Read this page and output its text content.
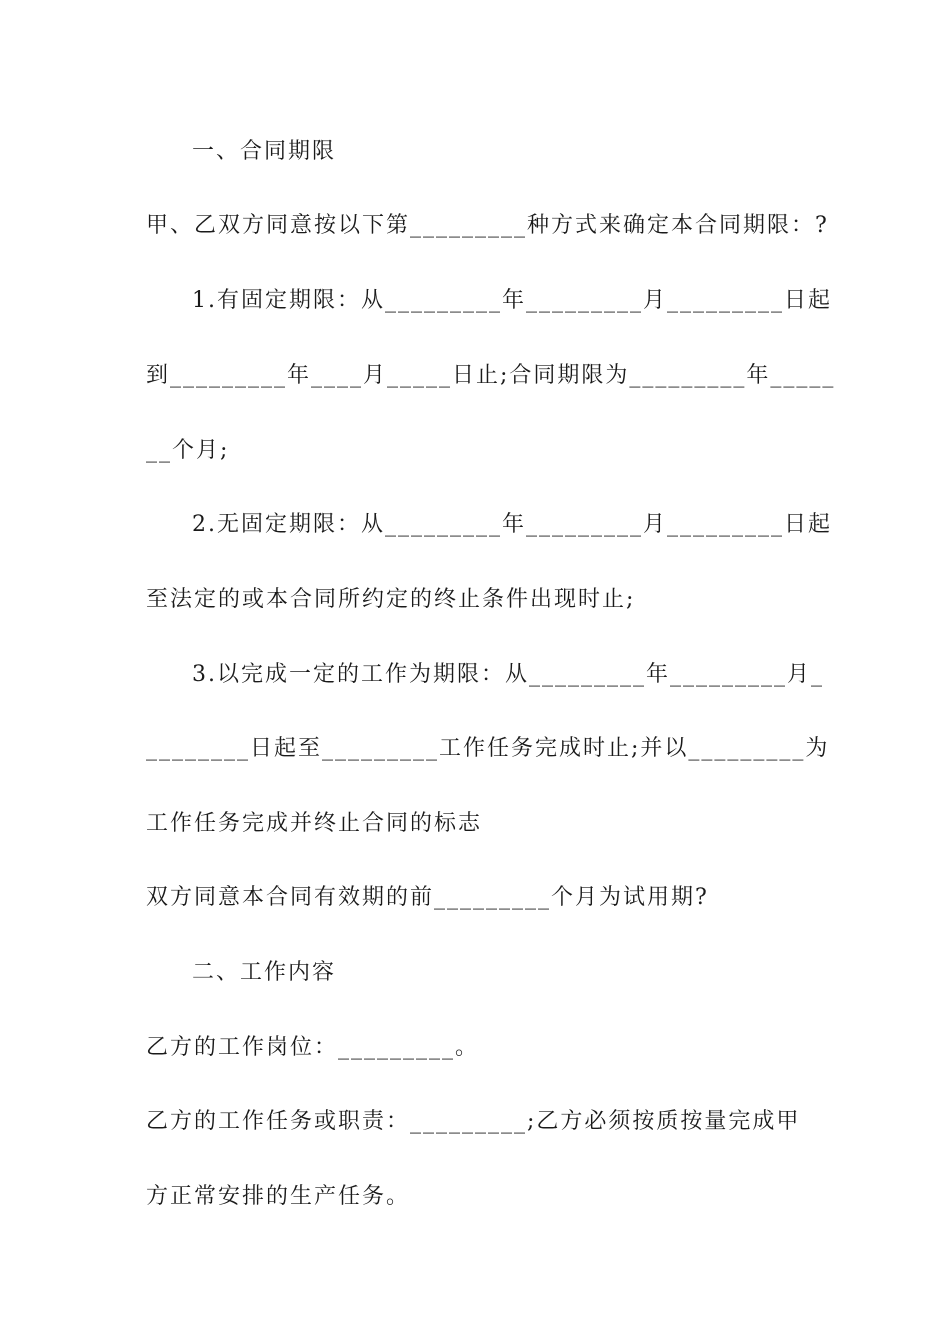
一、合同期限
甲、乙双方同意按以下第_________种方式来确定本合同期限：?
1.有固定期限：从_________年_________月_________日起
到_________年____月_____日止;合同期限为_________年_____
__个月;
2.无固定期限：从_________年_________月_________日起
至法定的或本合同所约定的终止条件出现时止;
3.以完成一定的工作为期限：从_________年_________月_
________日起至_________工作任务完成时止;并以_________为
工作任务完成并终止合同的标志
双方同意本合同有效期的前_________个月为试用期?
二、工作内容
乙方的工作岗位：_________。
乙方的工作任务或职责：_________;乙方必须按质按量完成甲
方正常安排的生产任务。
